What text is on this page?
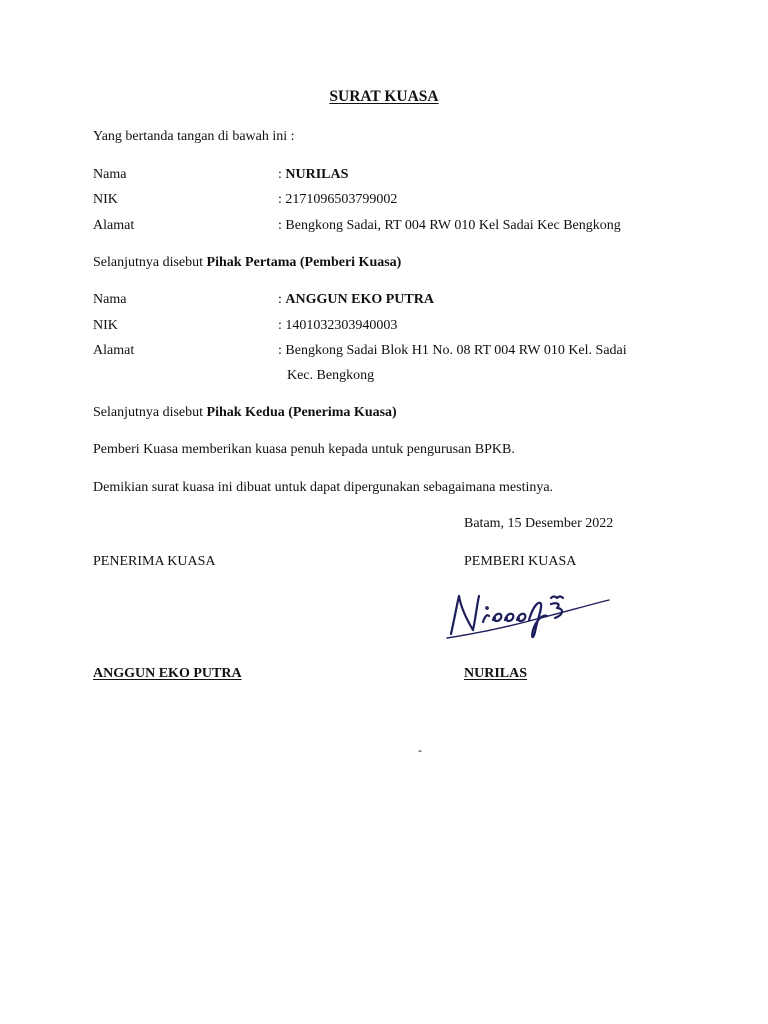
SURAT KUASA
Yang bertanda tangan di bawah ini :
Nama	: NURILAS
NIK	: 2171096503799002
Alamat	: Bengkong Sadai, RT 004 RW 010 Kel Sadai Kec Bengkong
Selanjutnya disebut Pihak Pertama (Pemberi Kuasa)
Nama	: ANGGUN EKO PUTRA
NIK	: 1401032303940003
Alamat	: Bengkong Sadai Blok H1 No. 08 RT 004 RW 010 Kel. Sadai
Kec. Bengkong
Selanjutnya disebut Pihak Kedua (Penerima Kuasa)
Pemberi Kuasa memberikan kuasa penuh kepada untuk pengurusan BPKB.
Demikian surat kuasa ini dibuat untuk dapat dipergunakan sebagaimana mestinya.
Batam, 15 Desember 2022
PENERIMA KUASA	PEMBERI KUASA
ANGGUN EKO PUTRA	NURILAS
-
